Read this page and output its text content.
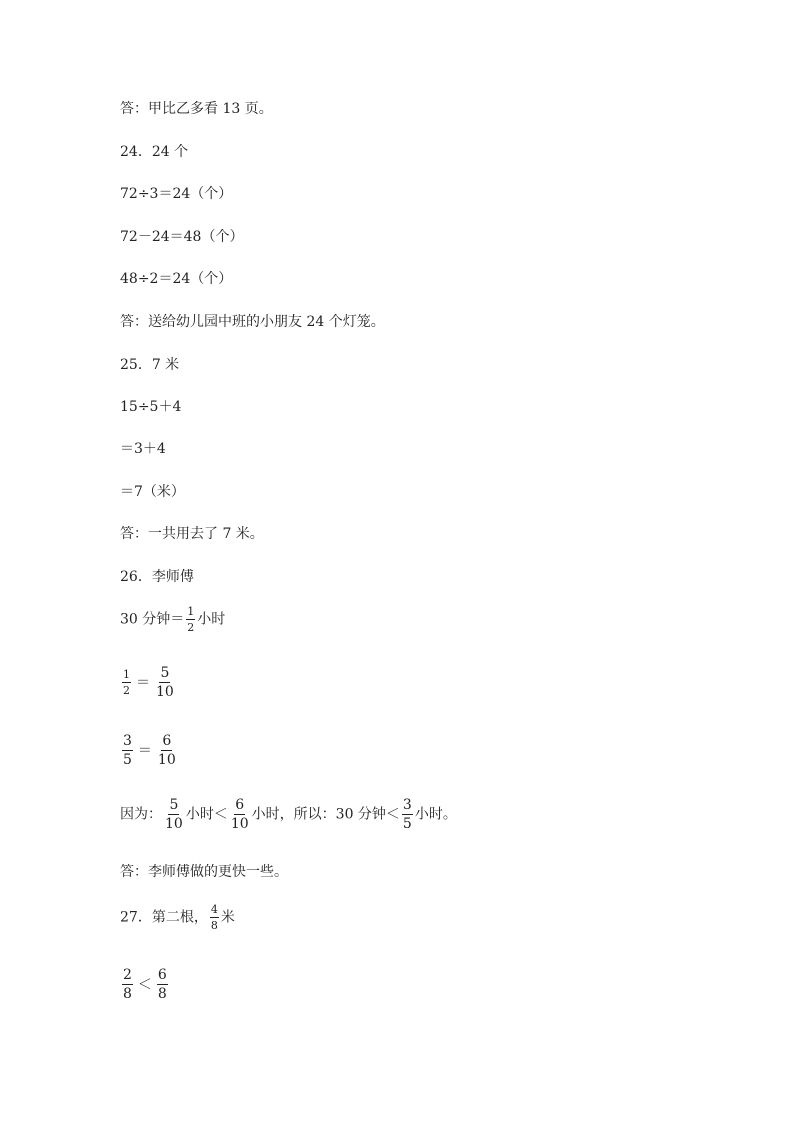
答：甲比乙多看 13 页。
24．24 个
72÷3＝24（个）
72－24＝48（个）
48÷2＝24（个）
答：送给幼儿园中班的小朋友 24 个灯笼。
25．7 米
15÷5＋4
＝3＋4
＝7（米）
答：一共用去了 7 米。
26．李师傅
30 分钟＝ $\frac{1}{2}$ 小时
$\frac{1}{2} = \frac{5}{10}$
$\frac{3}{5} = \frac{6}{10}$
因为： $\frac{5}{10}$ 小时＜ $\frac{6}{10}$ 小时，所以：30 分钟＜ $\frac{3}{5}$ 小时。
答：李师傅做的更快一些。
27．第二根， $\frac{4}{8}$ 米
$\frac{2}{8} < \frac{6}{8}$
